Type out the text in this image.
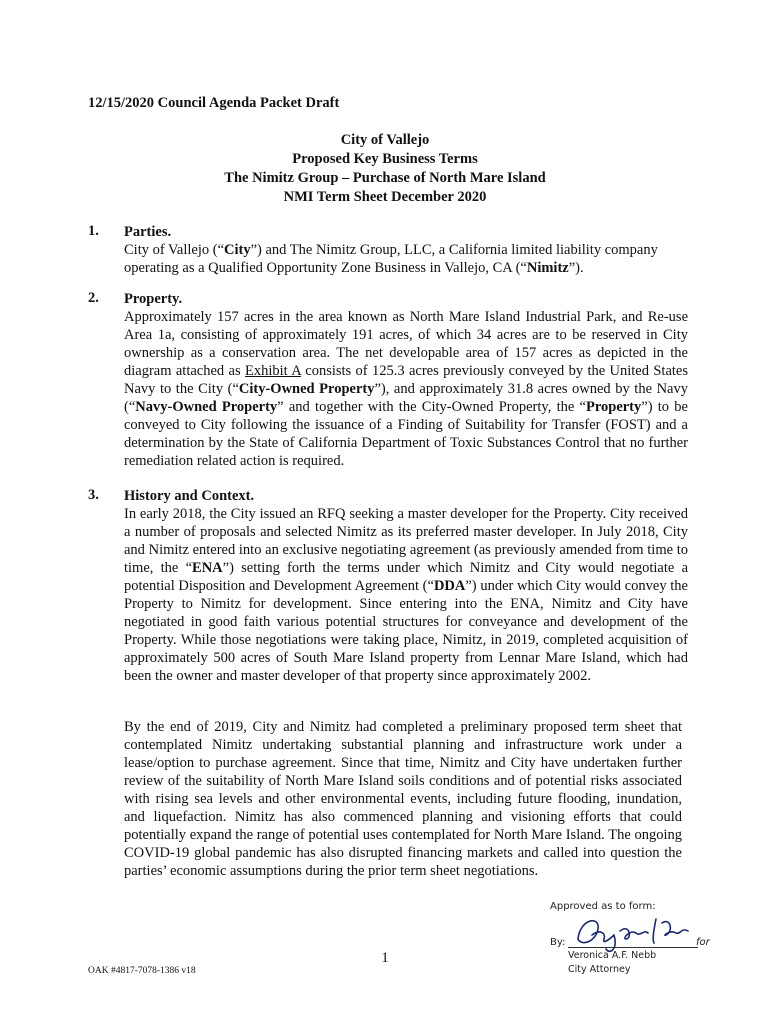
12/15/2020 Council Agenda Packet Draft
City of Vallejo
Proposed Key Business Terms
The Nimitz Group – Purchase of North Mare Island
NMI Term Sheet December 2020
1. Parties.
City of Vallejo (“City”) and The Nimitz Group, LLC, a California limited liability company operating as a Qualified Opportunity Zone Business in Vallejo, CA (“Nimitz”).
2. Property.
Approximately 157 acres in the area known as North Mare Island Industrial Park, and Re-use Area 1a, consisting of approximately 191 acres, of which 34 acres are to be reserved in City ownership as a conservation area. The net developable area of 157 acres as depicted in the diagram attached as Exhibit A consists of 125.3 acres previously conveyed by the United States Navy to the City (“City-Owned Property”), and approximately 31.8 acres owned by the Navy (“Navy-Owned Property” and together with the City-Owned Property, the “Property”) to be conveyed to City following the issuance of a Finding of Suitability for Transfer (FOST) and a determination by the State of California Department of Toxic Substances Control that no further remediation related action is required.
3. History and Context.
In early 2018, the City issued an RFQ seeking a master developer for the Property. City received a number of proposals and selected Nimitz as its preferred master developer. In July 2018, City and Nimitz entered into an exclusive negotiating agreement (as previously amended from time to time, the “ENA”) setting forth the terms under which Nimitz and City would negotiate a potential Disposition and Development Agreement (“DDA”) under which City would convey the Property to Nimitz for development. Since entering into the ENA, Nimitz and City have negotiated in good faith various potential structures for conveyance and development of the Property. While those negotiations were taking place, Nimitz, in 2019, completed acquisition of approximately 500 acres of South Mare Island property from Lennar Mare Island, which had been the owner and master developer of that property since approximately 2002.
By the end of 2019, City and Nimitz had completed a preliminary proposed term sheet that contemplated Nimitz undertaking substantial planning and infrastructure work under a lease/option to purchase agreement. Since that time, Nimitz and City have undertaken further review of the suitability of North Mare Island soils conditions and of potential risks associated with rising sea levels and other environmental events, including future flooding, inundation, and liquefaction. Nimitz has also commenced planning and visioning efforts that could potentially expand the range of potential uses contemplated for North Mare Island. The ongoing COVID-19 global pandemic has also disrupted financing markets and called into question the parties’ economic assumptions during the prior term sheet negotiations.
1
OAK #4817-7078-1386 v18
Approved as to form:
By:	for
Veronica A.F. Nebb
City Attorney
